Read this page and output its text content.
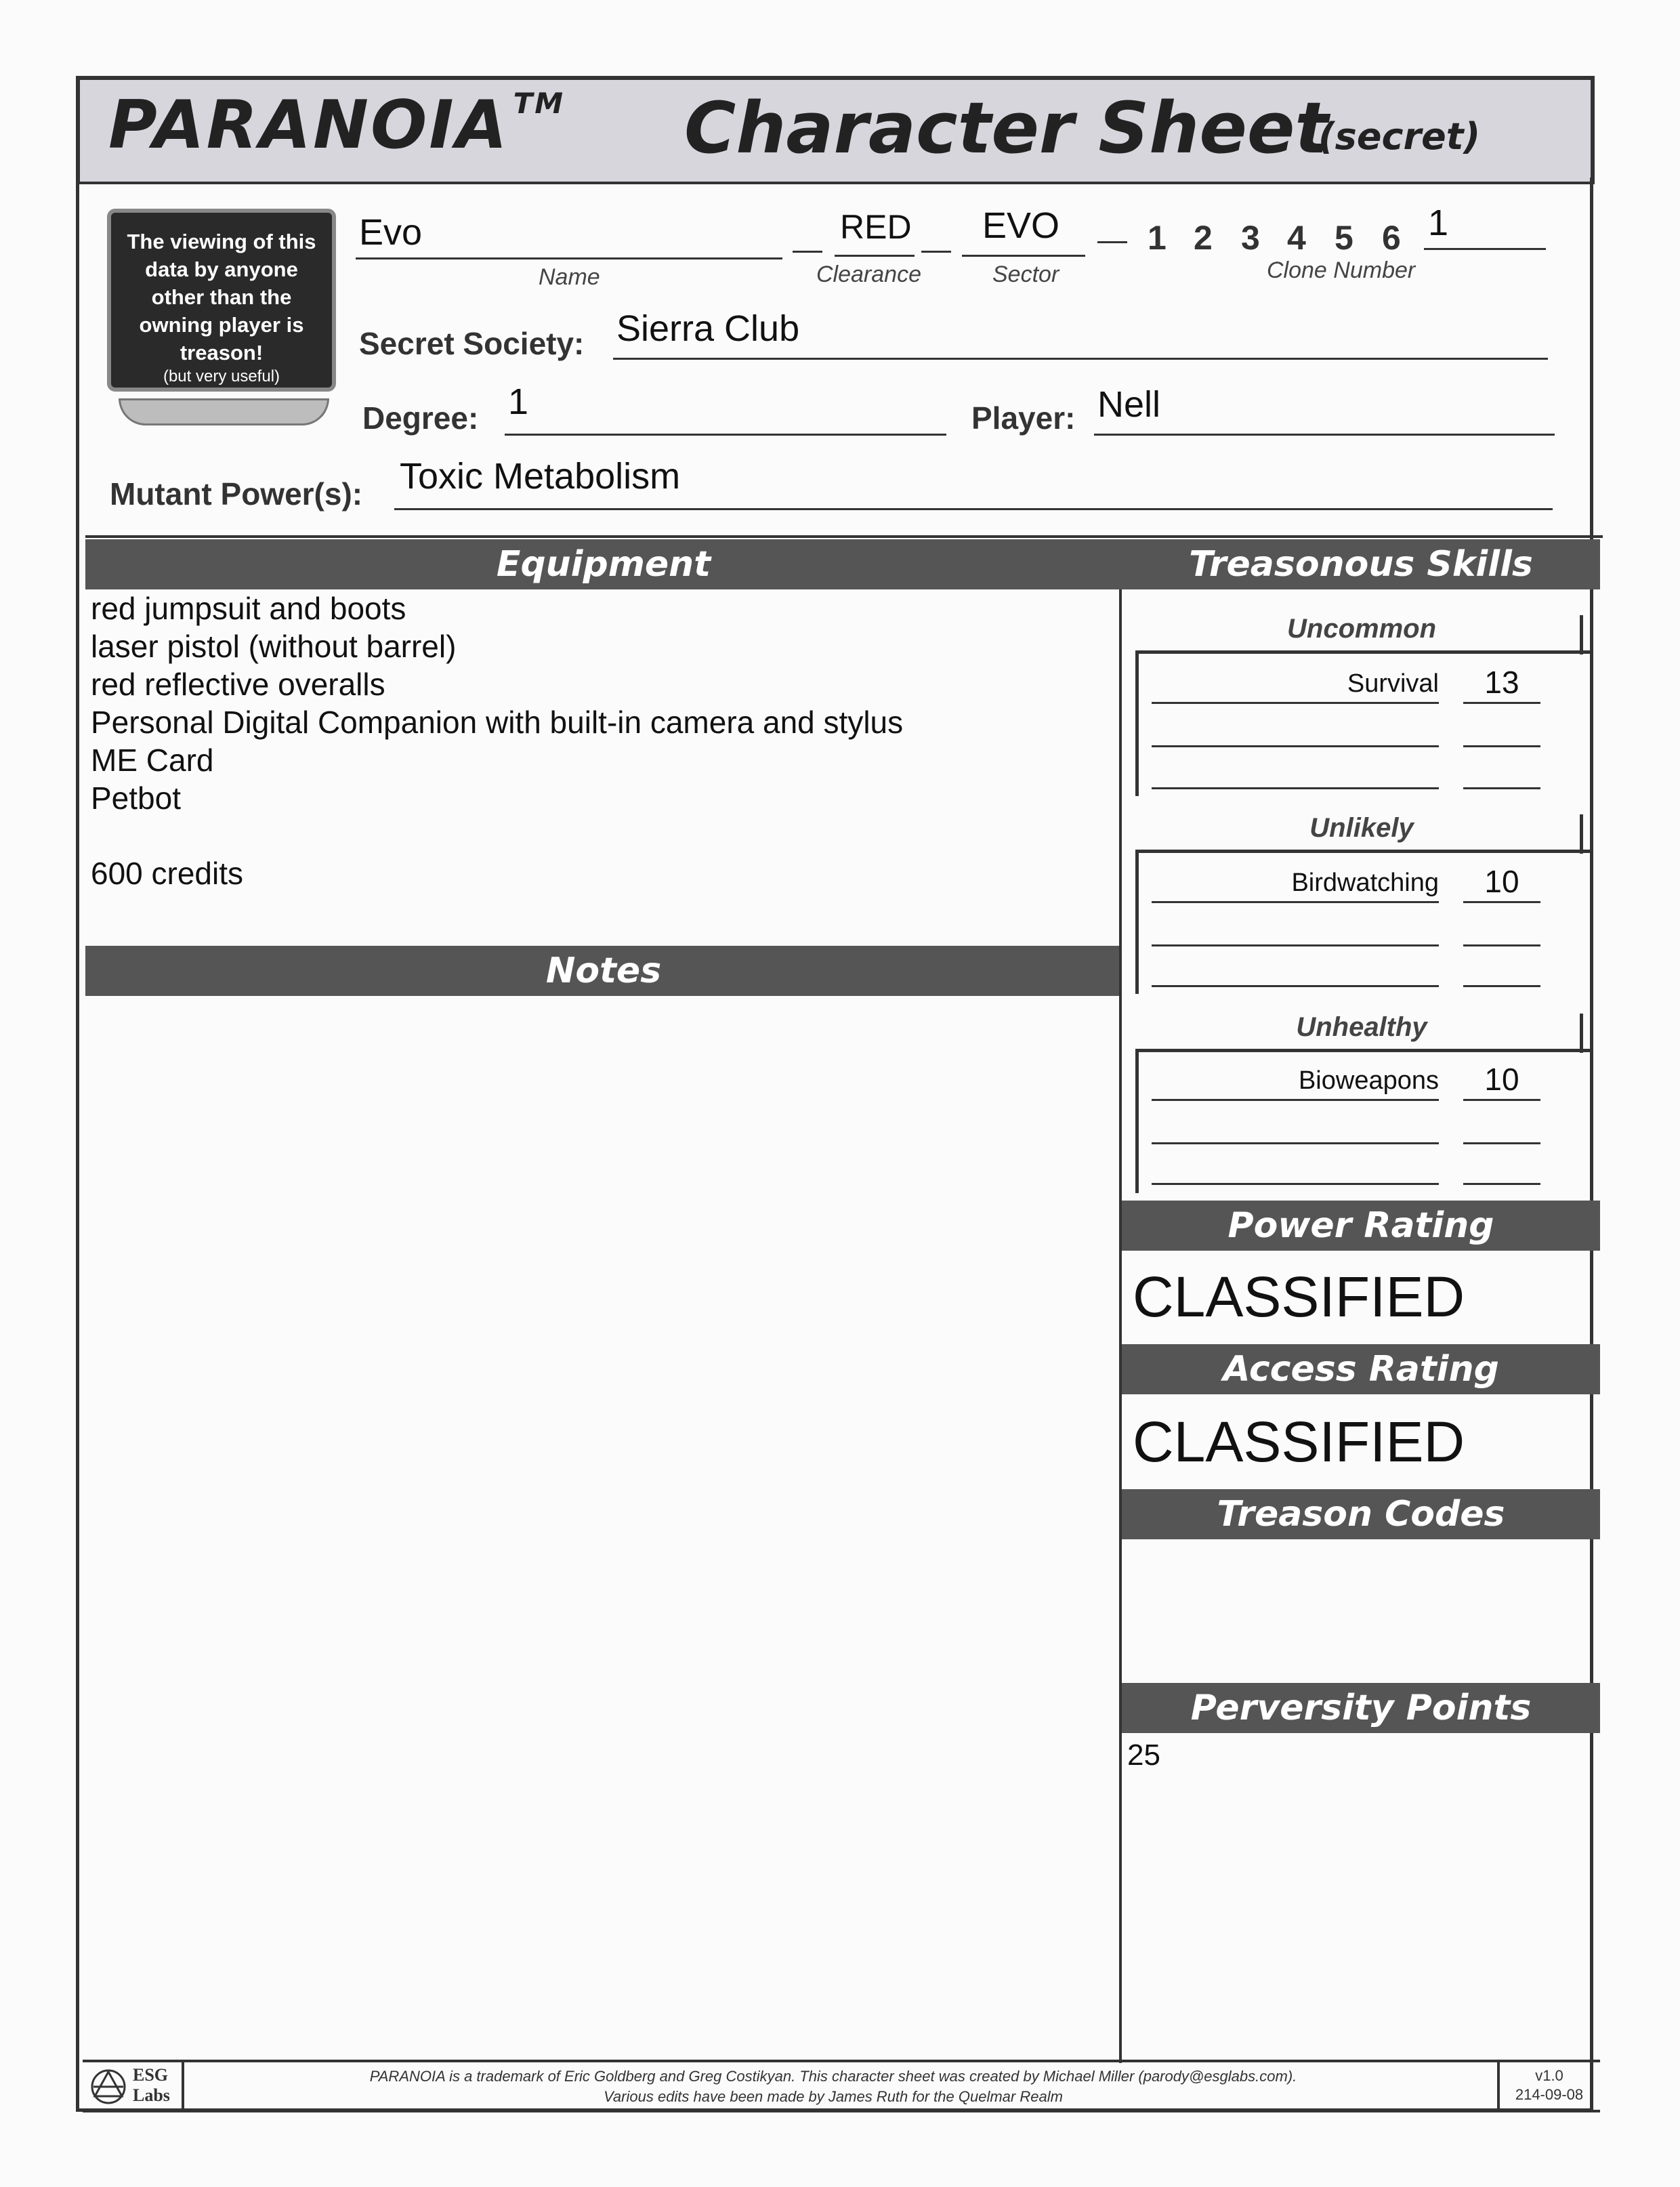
PARANOIA ™ Character Sheet
(secret)
The viewing of this data by anyone other than the owning player is treason!
(but very useful)
Evo
Name
RED
Clearance
EVO
Sector
1 2 3 4 5 6 1
Clone Number
Secret Society: Sierra Club
Degree: 1	Player: Nell
Mutant Power(s): Toxic Metabolism
Equipment
red jumpsuit and boots
laser pistol (without barrel)
red reflective overalls
Personal Digital Companion with built-in camera and stylus
ME Card
Petbot
600 credits
Notes
Treasonous Skills
Uncommon
Survival	13
Unlikely
Birdwatching	10
Unhealthy
Bioweapons	10
Power Rating
CLASSIFIED
Access Rating
CLASSIFIED
Treason Codes
Perversity Points
25
ESG
Labs
PARANOIA is a trademark of Eric Goldberg and Greg Costikyan. This character sheet was created by Michael Miller (parody@esglabs.com).
Various edits have been made by James Ruth for the Quelmar Realm
v1.0
214-09-08
